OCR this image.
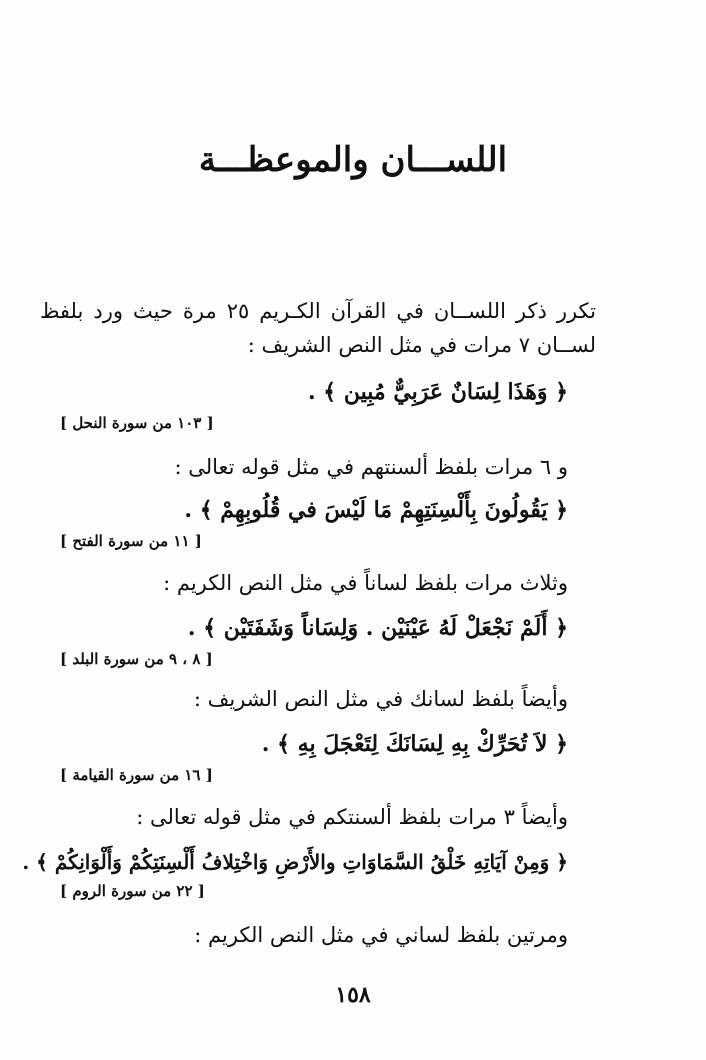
اللســـان والموعظـــة
تكرر ذكر اللســان في القرآن الكـريم ٢٥ مرة حيث ورد بلفظ لســان ٧ مرات في مثل النص الشريف :
﴿ وَهَذَا لِسَانٌ عَرَبِيٌّ مُبِين ﴾ .
[ ١٠٣ من سورة النحل ]
و ٦ مرات بلفظ ألسنتهم في مثل قوله تعالى :
﴿ يَقُولُونَ بِأَلْسِنَتِهِمْ مَا لَيْسَ في قُلُوبِهِمْ ﴾ .
[ ١١ من سورة الفتح ]
وثلاث مرات بلفظ لساناً في مثل النص الكريم :
﴿ أَلَمْ نَجْعَلْ لَهُ عَيْنَيْن . وَلِسَاناً وَشَفَتَيْن ﴾ .
[ ٨ ، ٩ من سورة البلد ]
وأيضاً بلفظ لسانك في مثل النص الشريف :
﴿ لاَ تُحَرِّكْ بِهِ لِسَانَكَ لِتَعْجَلَ بِهِ ﴾ .
[ ١٦ من سورة القيامة ]
وأيضاً ٣ مرات بلفظ ألسنتكم في مثل قوله تعالى :
﴿ وَمِنْ آيَاتِهِ خَلْقُ السَّمَاوَاتِ والأَرْضِ وَاخْتِلافُ أَلْسِنَتِكُمْ وَأَلْوَانِكُمْ ﴾ .
[ ٢٢ من سورة الروم ]
ومرتين بلفظ لساني في مثل النص الكريم :
١٥٨
